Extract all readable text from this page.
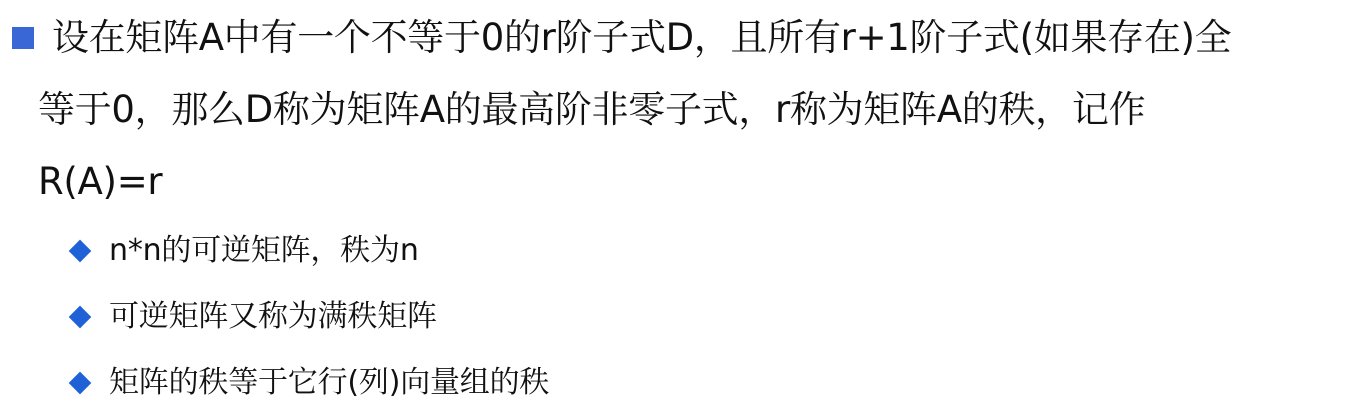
设在矩阵A中有一个不等于0的r阶子式D，且所有r+1阶子式(如果存在)全
等于0，那么D称为矩阵A的最高阶非零子式，r称为矩阵A的秩，记作
R(A)=r
n*n的可逆矩阵，秩为n
可逆矩阵又称为满秩矩阵
矩阵的秩等于它行(列)向量组的秩
